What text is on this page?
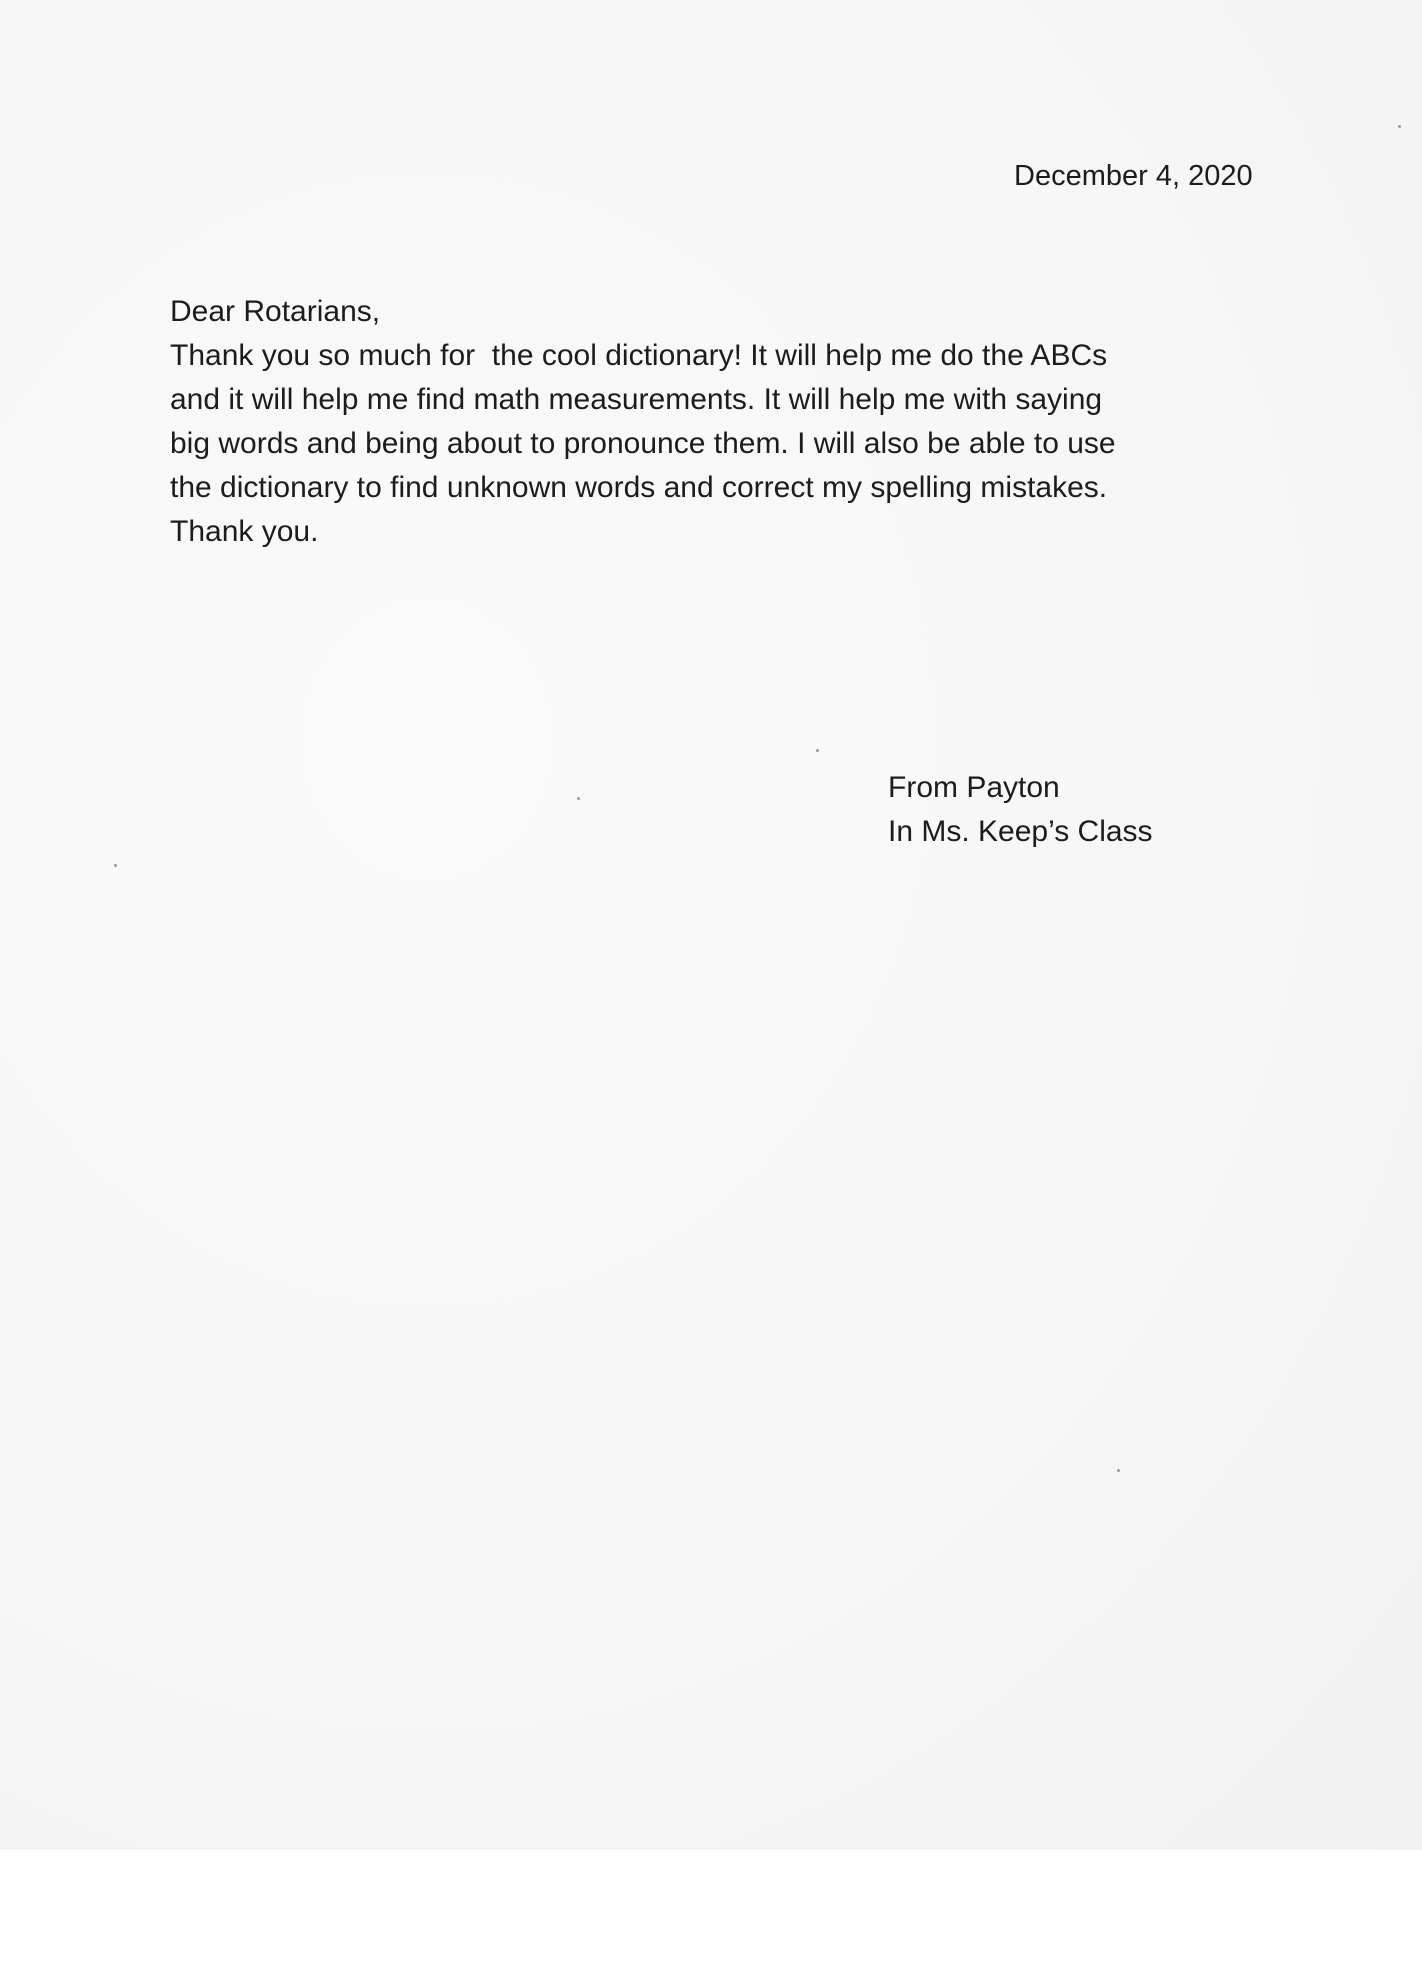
December 4, 2020

Dear Rotarians,

Thank you so much for  the cool dictionary! It will help me do the ABCs

and it will help me find math measurements. It will help me with saying

big words and being about to pronounce them. I will also be able to use

the dictionary to find unknown words and correct my spelling mistakes.

Thank you.

From Payton

In Ms. Keep’s Class
